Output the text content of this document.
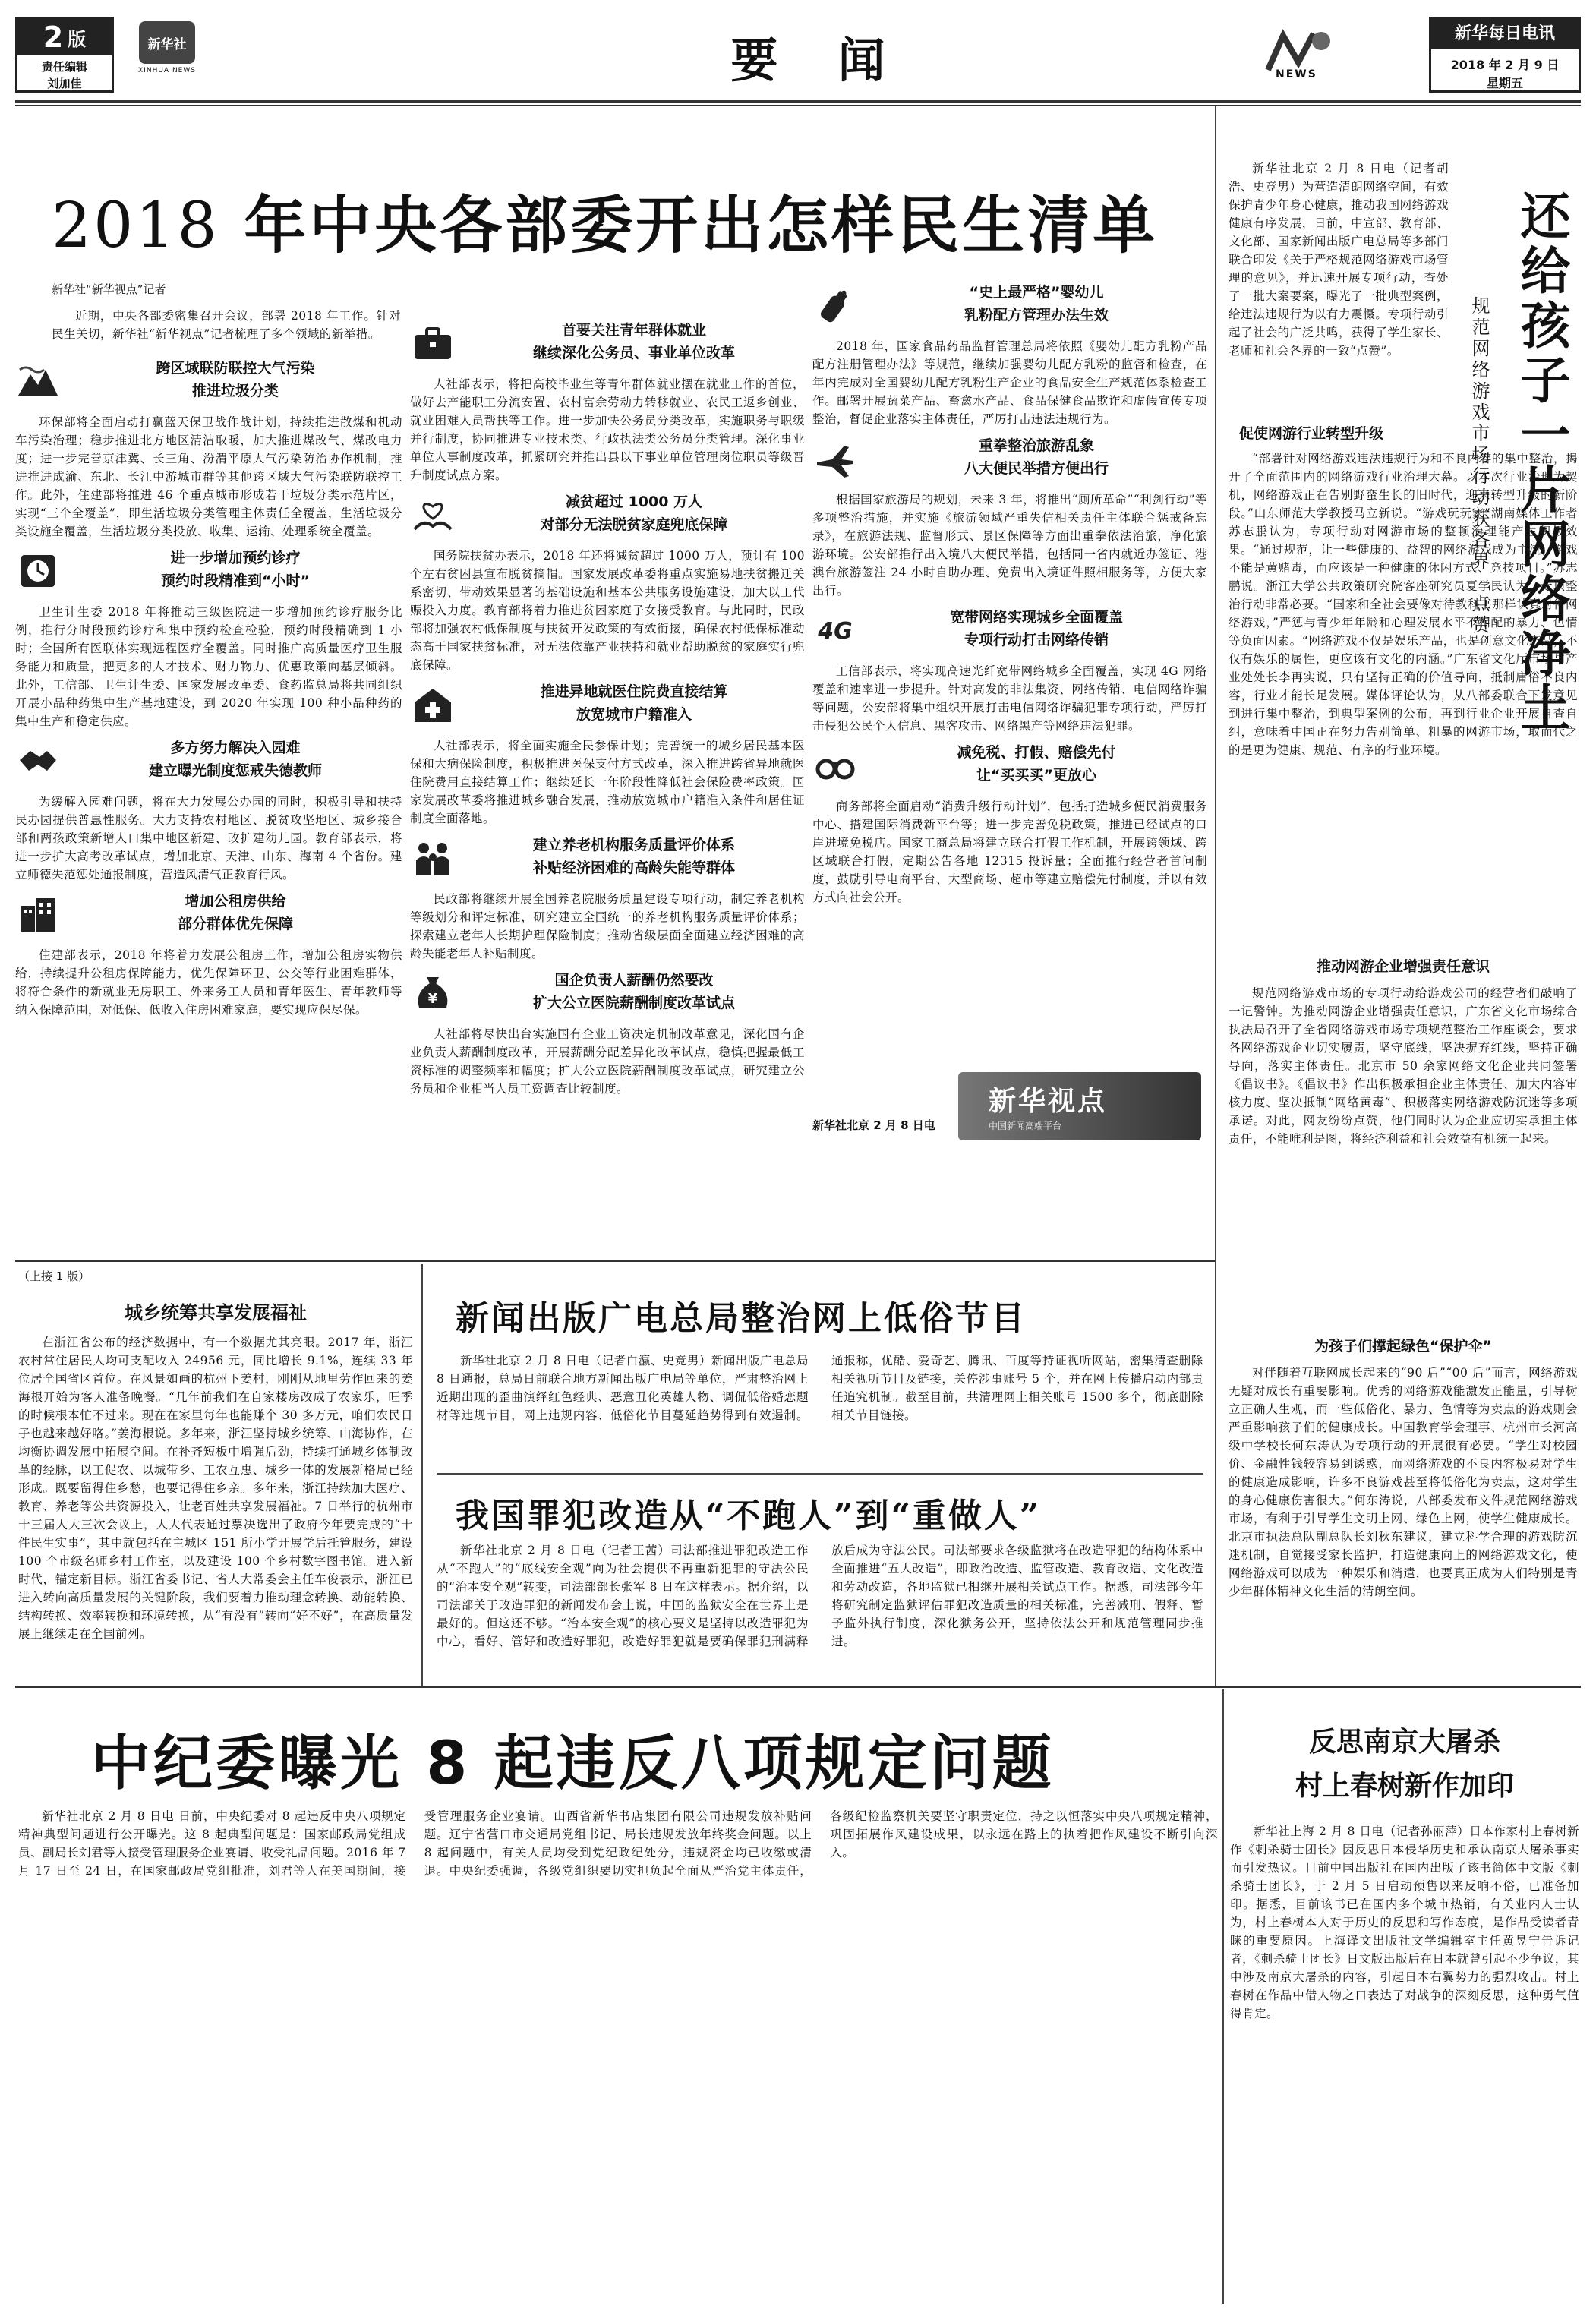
2 版
责任编辑
刘加佳
新华社
XINHUA NEWS	要  闻	NEWS
新华每日电讯
2018 年 2 月 9 日
星期五
2018 年中央各部委开出怎样民生清单
新华社“新华视点”记者
近期，中央各部委密集召开会议，部署 2018 年工作。针对民生关切，新华社“新华视点”记者梳理了多个领域的新举措。
跨区域联防联控大气污染
推进垃圾分类
环保部将全面启动打赢蓝天保卫战作战计划，持续推进散煤和机动车污染治理；稳步推进北方地区清洁取暖，加大推进煤改气、煤改电力度；进一步完善京津冀、长三角、汾渭平原大气污染防治协作机制，推进推进成渝、东北、长江中游城市群等其他跨区域大气污染联防联控工作。此外，住建部将推进 46 个重点城市形成若干垃圾分类示范片区，实现“三个全覆盖”，即生活垃圾分类管理主体责任全覆盖，生活垃圾分类设施全覆盖，生活垃圾分类投放、收集、运输、处理系统全覆盖。
进一步增加预约诊疗
预约时段精准到“小时”
卫生计生委 2018 年将推动三级医院进一步增加预约诊疗服务比例，推行分时段预约诊疗和集中预约检查检验，预约时段精确到 1 小时；全国所有医联体实现远程医疗全覆盖。同时推广高质量医疗卫生服务能力和质量，把更多的人才技术、财力物力、优惠政策向基层倾斜。此外，工信部、卫生计生委、国家发展改革委、食药监总局将共同组织开展小品种药集中生产基地建设，到 2020 年实现 100 种小品种药的集中生产和稳定供应。
多方努力解决入园难
建立曝光制度惩戒失德教师
为缓解入园难问题，将在大力发展公办园的同时，积极引导和扶持民办园提供普惠性服务。大力支持农村地区、脱贫攻坚地区、城乡接合部和两孩政策新增人口集中地区新建、改扩建幼儿园。教育部表示，将进一步扩大高考改革试点，增加北京、天津、山东、海南 4 个省份。建立师德失范惩处通报制度，营造风清气正教育行风。
增加公租房供给
部分群体优先保障
住建部表示，2018 年将着力发展公租房工作，增加公租房实物供给，持续提升公租房保障能力，优先保障环卫、公交等行业困难群体，将符合条件的新就业无房职工、外来务工人员和青年医生、青年教师等纳入保障范围，对低保、低收入住房困难家庭，要实现应保尽保。
首要关注青年群体就业
继续深化公务员、事业单位改革
人社部表示，将把高校毕业生等青年群体就业摆在就业工作的首位，做好去产能职工分流安置、农村富余劳动力转移就业、农民工返乡创业、就业困难人员帮扶等工作。进一步加快公务员分类改革，实施职务与职级并行制度，协同推进专业技术类、行政执法类公务员分类管理。深化事业单位人事制度改革，抓紧研究并推出县以下事业单位管理岗位职员等级晋升制度试点方案。
减贫超过 1000 万人
对部分无法脱贫家庭兜底保障
国务院扶贫办表示，2018 年还将减贫超过 1000 万人，预计有 100 个左右贫困县宣布脱贫摘帽。国家发展改革委将重点实施易地扶贫搬迁关系密切、带动效果显著的基础设施和基本公共服务设施建设，加大以工代赈投入力度。教育部将着力推进贫困家庭子女接受教育。与此同时，民政部将加强农村低保制度与扶贫开发政策的有效衔接，确保农村低保标准动态高于国家扶贫标准，对无法依靠产业扶持和就业帮助脱贫的家庭实行兜底保障。
推进异地就医住院费直接结算
放宽城市户籍准入
人社部表示，将全面实施全民参保计划；完善统一的城乡居民基本医保和大病保险制度，积极推进医保支付方式改革，深入推进跨省异地就医住院费用直接结算工作；继续延长一年阶段性降低社会保险费率政策。国家发展改革委将推进城乡融合发展，推动放宽城市户籍准入条件和居住证制度全面落地。
建立养老机构服务质量评价体系
补贴经济困难的高龄失能等群体
民政部将继续开展全国养老院服务质量建设专项行动，制定养老机构等级划分和评定标准，研究建立全国统一的养老机构服务质量评价体系；探索建立老年人长期护理保险制度；推动省级层面全面建立经济困难的高龄失能老年人补贴制度。
¥
国企负责人薪酬仍然要改
扩大公立医院薪酬制度改革试点
人社部将尽快出台实施国有企业工资决定机制改革意见，深化国有企业负责人薪酬制度改革，开展薪酬分配差异化改革试点，稳慎把握最低工资标准的调整频率和幅度；扩大公立医院薪酬制度改革试点，研究建立公务员和企业相当人员工资调查比较制度。
“史上最严格”婴幼儿
乳粉配方管理办法生效
2018 年，国家食品药品监督管理总局将依照《婴幼儿配方乳粉产品配方注册管理办法》等规范，继续加强婴幼儿配方乳粉的监督和检查，在年内完成对全国婴幼儿配方乳粉生产企业的食品安全生产规范体系检查工作。邮署开展蔬菜产品、畜禽水产品、食品保健食品欺诈和虚假宣传专项整治，督促企业落实主体责任，严厉打击违法违规行为。
重拳整治旅游乱象
八大便民举措方便出行
根据国家旅游局的规划，未来 3 年，将推出“厕所革命”“利剑行动”等多项整治措施，并实施《旅游领域严重失信相关责任主体联合惩戒备忘录》，在旅游法规、监督形式、景区保障等方面出重拳依法治旅，净化旅游环境。公安部推行出入境八大便民举措，包括同一省内就近办签证、港澳台旅游签注 24 小时自助办理、免费出入境证件照相服务等，方便大家出行。
4G
宽带网络实现城乡全面覆盖
专项行动打击网络传销
工信部表示，将实现高速光纤宽带网络城乡全面覆盖，实现 4G 网络覆盖和速率进一步提升。针对高发的非法集资、网络传销、电信网络诈骗等问题，公安部将集中组织开展打击电信网络诈骗犯罪专项行动，严厉打击侵犯公民个人信息、黑客攻击、网络黑产等网络违法犯罪。
减免税、打假、赔偿先付
让“买买买”更放心
商务部将全面启动“消费升级行动计划”，包括打造城乡便民消费服务中心、搭建国际消费新平台等；进一步完善免税政策，推进已经试点的口岸进境免税店。国家工商总局将建立联合打假工作机制，开展跨领域、跨区域联合打假，定期公告各地 12315 投诉量；全面推行经营者首问制度，鼓励引导电商平台、大型商场、超市等建立赔偿先付制度，并以有效方式向社会公开。
新华视点
中国新闻高端平台
新华社北京 2 月 8 日电
还给孩子一片网络净土
规范网络游戏市场行动获各界「点赞」
新华社北京 2 月 8 日电（记者胡浩、史竞男）为营造清朗网络空间，有效保护青少年身心健康，推动我国网络游戏健康有序发展，日前，中宣部、教育部、文化部、国家新闻出版广电总局等多部门联合印发《关于严格规范网络游戏市场管理的意见》，并迅速开展专项行动，查处了一批大案要案，曝光了一批典型案例，给违法违规行为以有力震慑。专项行动引起了社会的广泛共鸣，获得了学生家长、老师和社会各界的一致“点赞”。
促使网游行业转型升级
“部署针对网络游戏违法违规行为和不良内容的集中整治，揭开了全面范围内的网络游戏行业治理大幕。以本次行业治理为契机，网络游戏正在告别野蛮生长的旧时代，迎来转型升级的新阶段。”山东师范大学教授马立新说。“游戏玩玩家”湖南媒体工作者苏志鹏认为，专项行动对网游市场的整顿治理能产生积极效果。“通过规范，让一些健康的、益智的网络游戏成为主流；游戏不能是黄赌毒，而应该是一种健康的休闲方式、竞技项目。”苏志鹏说。浙江大学公共政策研究院客座研究员夏学民认为，专项整治行动非常必要。“国家和全社会要像对待教科书那样认真对待网络游戏，”严惩与青少年年龄和心理发展水平不相配的暴力、色情等负面因素。“网络游戏不仅是娱乐产品，也是创意文化产品，不仅有娱乐的属性，更应该有文化的内涵。”广东省文化厅市场与产业处处长李再实说，只有坚持正确的价值导向，抵制庸俗不良内容，行业才能长足发展。媒体评论认为，从八部委联合下发意见到进行集中整治，到典型案例的公布，再到行业企业开展自查自纠，意味着中国正在努力告别简单、粗暴的网游市场，取而代之的是更为健康、规范、有序的行业环境。
推动网游企业增强责任意识
规范网络游戏市场的专项行动给游戏公司的经营者们敲响了一记警钟。为推动网游企业增强责任意识，广东省文化市场综合执法局召开了全省网络游戏市场专项规范整治工作座谈会，要求各网络游戏企业切实履责，坚守底线，坚决摒弃红线，坚持正确导向，落实主体责任。北京市 50 余家网络文化企业共同签署《倡议书》。《倡议书》作出积极承担企业主体责任、加大内容审核力度、坚决抵制“网络黄毒”、积极落实网络游戏防沉迷等多项承诺。对此，网友纷纷点赞，他们同时认为企业应切实承担主体责任，不能唯利是图，将经济利益和社会效益有机统一起来。
为孩子们撑起绿色“保护伞”
对伴随着互联网成长起来的“90 后”“00 后”而言，网络游戏无疑对成长有重要影响。优秀的网络游戏能激发正能量，引导树立正确人生观，而一些低俗化、暴力、色情等为卖点的游戏则会严重影响孩子们的健康成长。中国教育学会理事、杭州市长河高级中学校长何东涛认为专项行动的开展很有必要。“学生对校园价、金融性钱较容易到诱惑，而网络游戏的不良内容极易对学生的健康造成影响，许多不良游戏甚至将低俗化为卖点，这对学生的身心健康伤害很大。”何东涛说，八部委发布文件规范网络游戏市场，有利于引导学生文明上网、绿色上网，使学生健康成长。北京市执法总队副总队长刘秋东建议，建立科学合理的游戏防沉迷机制，自觉接受家长监护，打造健康向上的网络游戏文化，使网络游戏可以成为一种娱乐和消遣，也要真正成为人们特别是青少年群体精神文化生活的清朗空间。
（上接 1 版）
城乡统筹共享发展福祉
在浙江省公布的经济数据中，有一个数据尤其亮眼。2017 年，浙江农村常住居民人均可支配收入 24956 元，同比增长 9.1%，连续 33 年位居全国省区首位。在风景如画的杭州下姜村，刚刚从地里劳作回来的姜海根开始为客人准备晚餐。“几年前我们在自家楼房改成了农家乐，旺季的时候根本忙不过来。现在在家里每年也能赚个 30 多万元，咱们农民日子也越来越好咯。”姜海根说。多年来，浙江坚持城乡统筹、山海协作，在均衡协调发展中拓展空间。在补齐短板中增强后劲，持续打通城乡体制改革的经脉，以工促农、以城带乡、工农互惠、城乡一体的发展新格局已经形成。既要留得住乡愁，也要记得住乡亲。多年来，浙江持续加大医疗、教育、养老等公共资源投入，让老百姓共享发展福祉。7 日举行的杭州市十三届人大三次会议上，人大代表通过票决选出了政府今年要完成的“十件民生实事”，其中就包括在主城区 151 所小学开展学后托管服务，建设 100 个市级名师乡村工作室，以及建设 100 个乡村数字图书馆。进入新时代，锚定新目标。浙江省委书记、省人大常委会主任车俊表示，浙江已进入转向高质量发展的关键阶段，我们要着力推动理念转换、动能转换、结构转换、效率转换和环境转换，从“有没有”转向“好不好”，在高质量发展上继续走在全国前列。
新闻出版广电总局整治网上低俗节目
新华社北京 2 月 8 日电（记者白瀛、史竞男）新闻出版广电总局 8 日通报，总局日前联合地方新闻出版广电局等单位，严肃整治网上近期出现的歪曲演绎红色经典、恶意丑化英雄人物、调侃低俗婚恋题材等违规节目，网上违规内容、低俗化节目蔓延趋势得到有效遏制。通报称，优酷、爱奇艺、腾讯、百度等持证视听网站，密集清查删除相关视听节目及链接，关停涉事账号 5 个，并在网上传播启动内部责任追究机制。截至目前，共清理网上相关账号 1500 多个，彻底删除相关节目链接。
我国罪犯改造从“不跑人”到“重做人”
新华社北京 2 月 8 日电（记者王茜）司法部推进罪犯改造工作从“不跑人”的“底线安全观”向为社会提供不再重新犯罪的守法公民的“治本安全观”转变，司法部部长张军 8 日在这样表示。据介绍，以司法部关于改造罪犯的新闻发布会上说，中国的监狱安全在世界上是最好的。但这还不够。“治本安全观”的核心要义是坚持以改造罪犯为中心，看好、管好和改造好罪犯，改造好罪犯就是要确保罪犯刑满释放后成为守法公民。司法部要求各级监狱将在改造罪犯的结构体系中全面推进“五大改造”，即政治改造、监管改造、教育改造、文化改造和劳动改造，各地监狱已相继开展相关试点工作。据悉，司法部今年将研究制定监狱评估罪犯改造质量的相关标准，完善减刑、假释、暂予监外执行制度，深化狱务公开，坚持依法公开和规范管理同步推进。
中纪委曝光 8 起违反八项规定问题
新华社北京 2 月 8 日电 日前，中央纪委对 8 起违反中央八项规定精神典型问题进行公开曝光。这 8 起典型问题是：国家邮政局党组成员、副局长刘君等人接受管理服务企业宴请、收受礼品问题。2016 年 7 月 17 日至 24 日，在国家邮政局党组批准，刘君等人在美国期间，接受管理服务企业宴请。山西省新华书店集团有限公司违规发放补贴问题。辽宁省营口市交通局党组书记、局长违规发放年终奖金问题。以上 8 起问题中，有关人员均受到党纪政纪处分，违规资金均已收缴或清退。中央纪委强调，各级党组织要切实担负起全面从严治党主体责任，各级纪检监察机关要坚守职责定位，持之以恒落实中央八项规定精神，巩固拓展作风建设成果，以永远在路上的执着把作风建设不断引向深入。
反思南京大屠杀
村上春树新作加印
新华社上海 2 月 8 日电（记者孙丽萍）日本作家村上春树新作《刺杀骑士团长》因反思日本侵华历史和承认南京大屠杀事实而引发热议。目前中国出版社在国内出版了该书简体中文版《刺杀骑士团长》，于 2 月 5 日启动预售以来反响不俗，已准备加印。据悉，目前该书已在国内多个城市热销，有关业内人士认为，村上春树本人对于历史的反思和写作态度，是作品受读者青睐的重要原因。上海译文出版社文学编辑室主任黄昱宁告诉记者，《刺杀骑士团长》日文版出版后在日本就曾引起不少争议，其中涉及南京大屠杀的内容，引起日本右翼势力的强烈攻击。村上春树在作品中借人物之口表达了对战争的深刻反思，这种勇气值得肯定。
